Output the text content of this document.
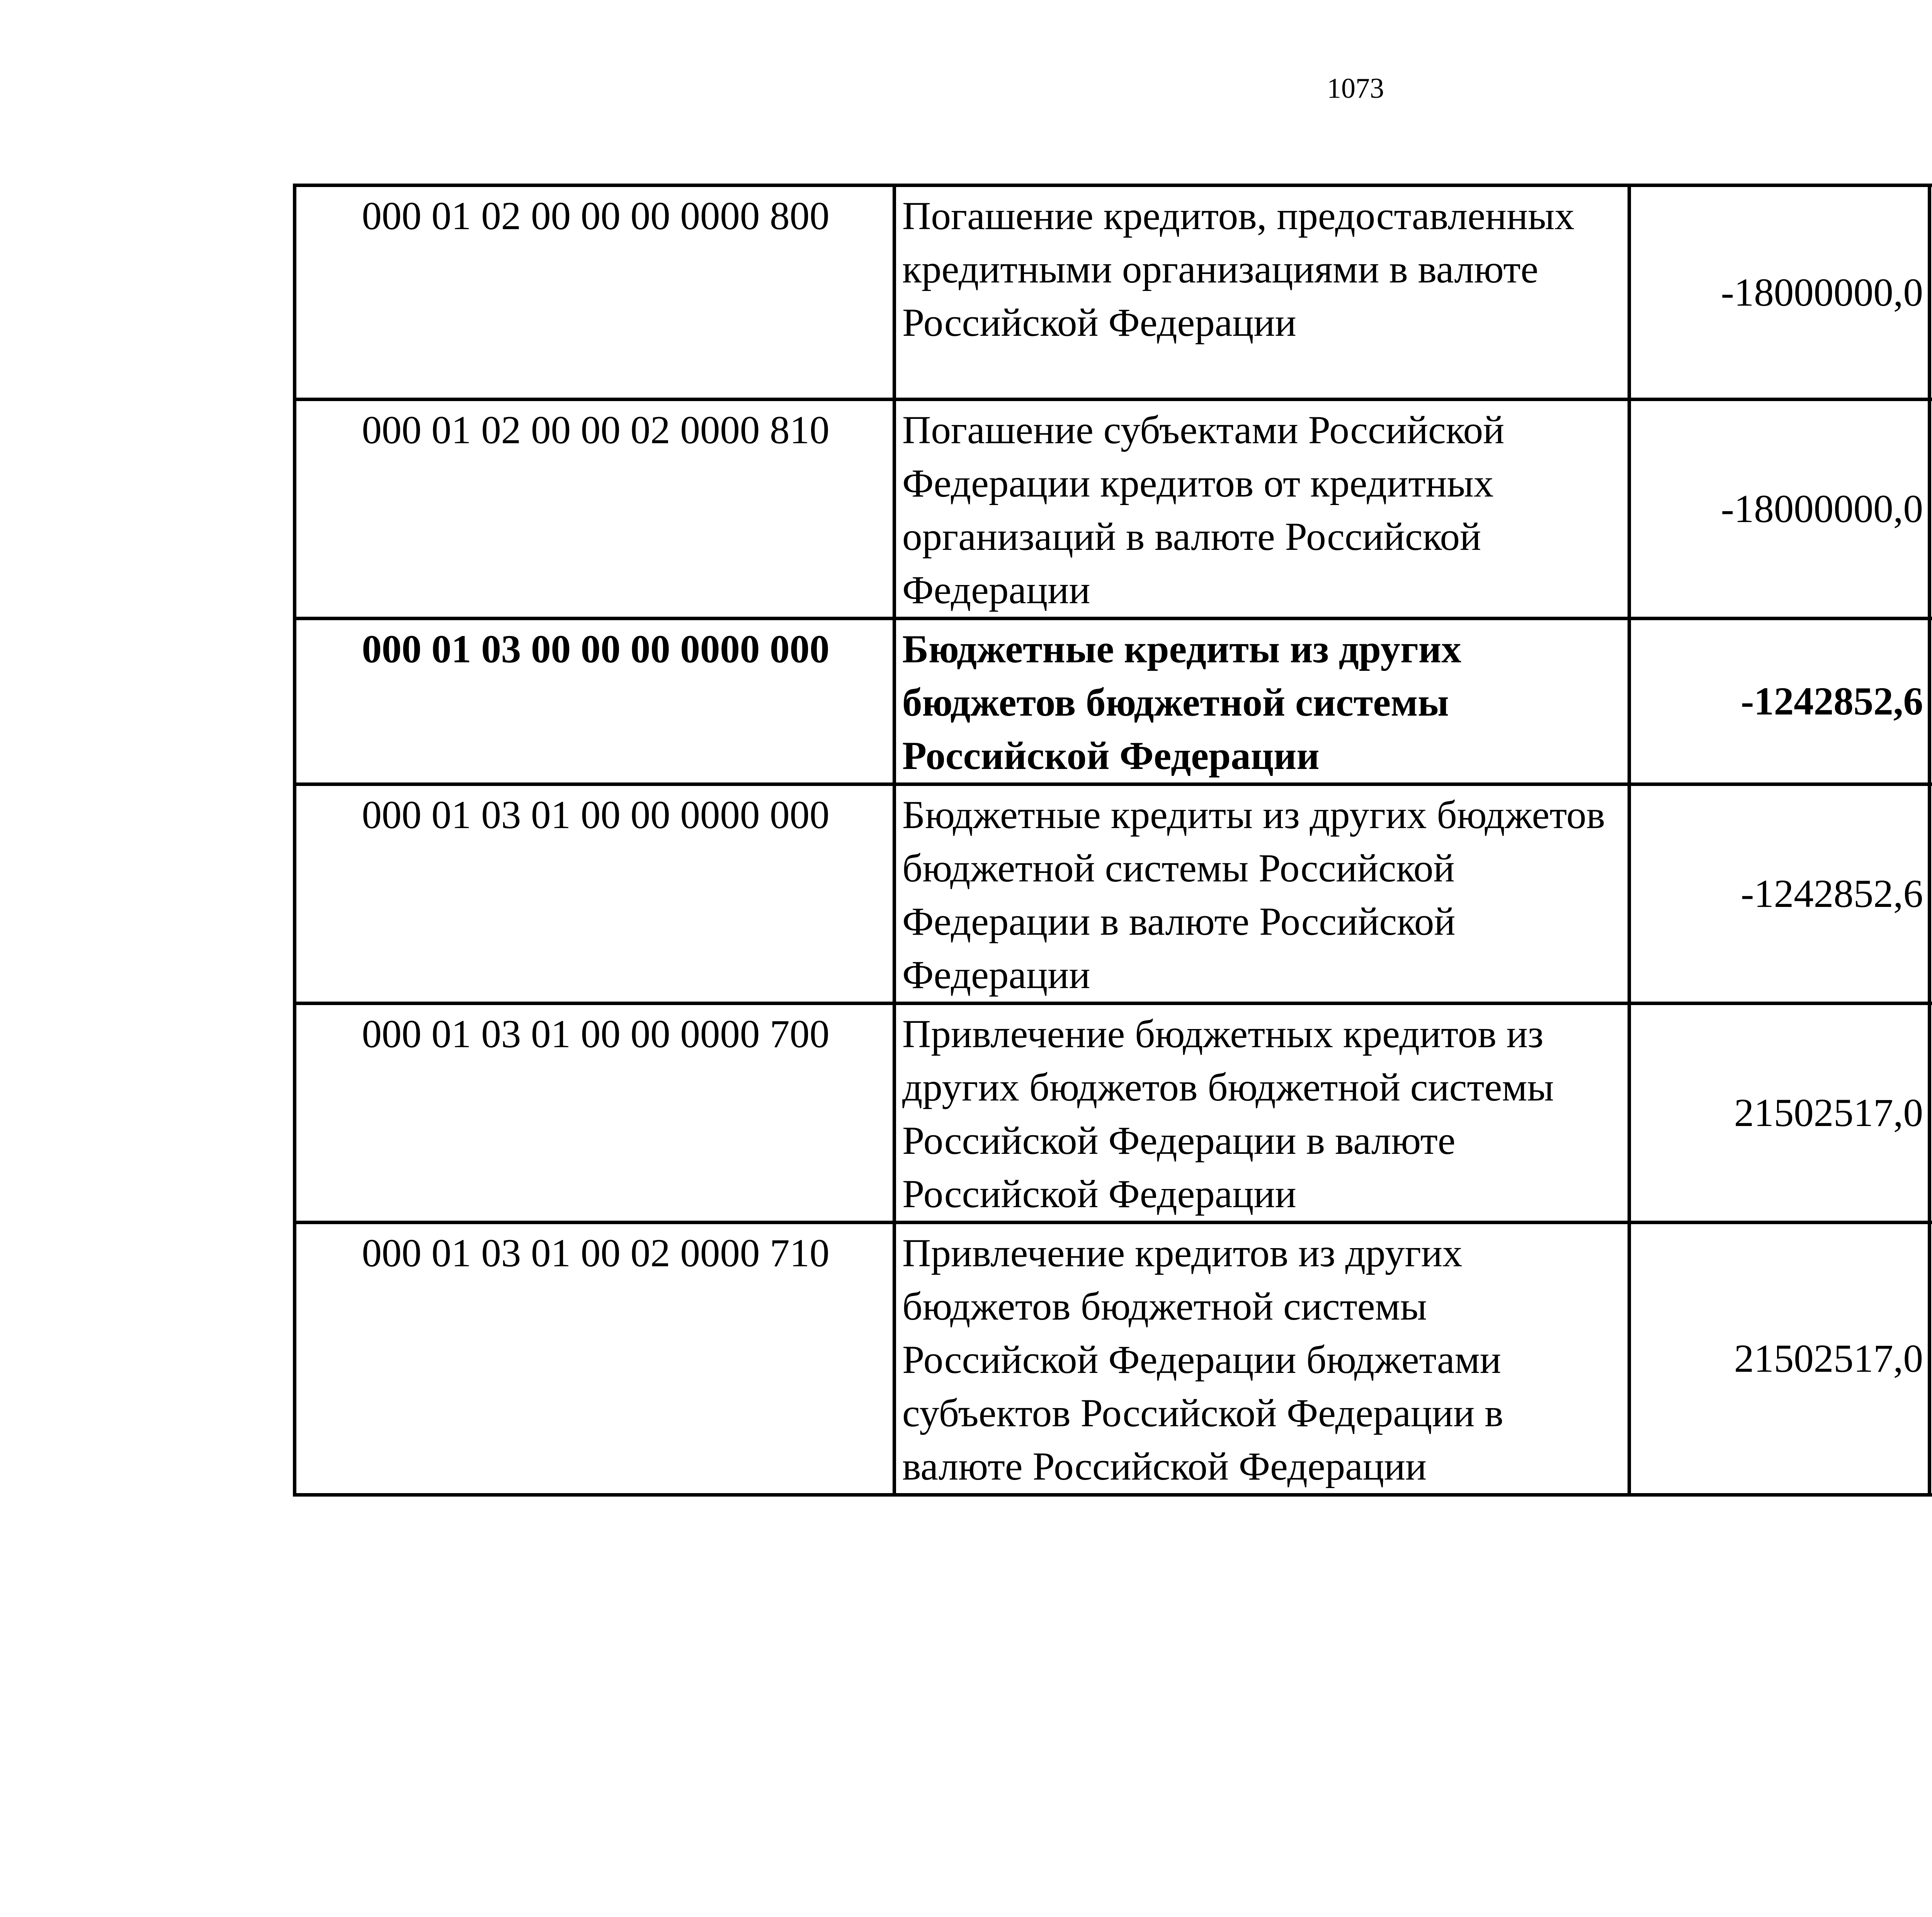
1073
000 01 02 00 00 00 0000 800	Погашение кредитов, предоставленных кредитными организациями в валюте Российской Федерации	-18000000,0		
000 01 02 00 00 02 0000 810	Погашение субъектами Российской Федерации кредитов от кредитных организаций в валюте Российской Федерации	-18000000,0		
000 01 03 00 00 00 0000 000	Бюджетные кредиты из других бюджетов бюджетной системы Российской Федерации	-1242852,6		
000 01 03 01 00 00 0000 000	Бюджетные кредиты из других бюджетов бюджетной системы Российской Федерации в валюте Российской Федерации	-1242852,6		
000 01 03 01 00 00 0000 700	Привлечение бюджетных кредитов из других бюджетов бюджетной системы Российской Федерации в валюте Российской Федерации	21502517,0		
000 01 03 01 00 02 0000 710	Привлечение кредитов из других бюджетов бюджетной системы Российской Федерации бюджетами субъектов Российской Федерации в валюте Российской Федерации	21502517,0		
